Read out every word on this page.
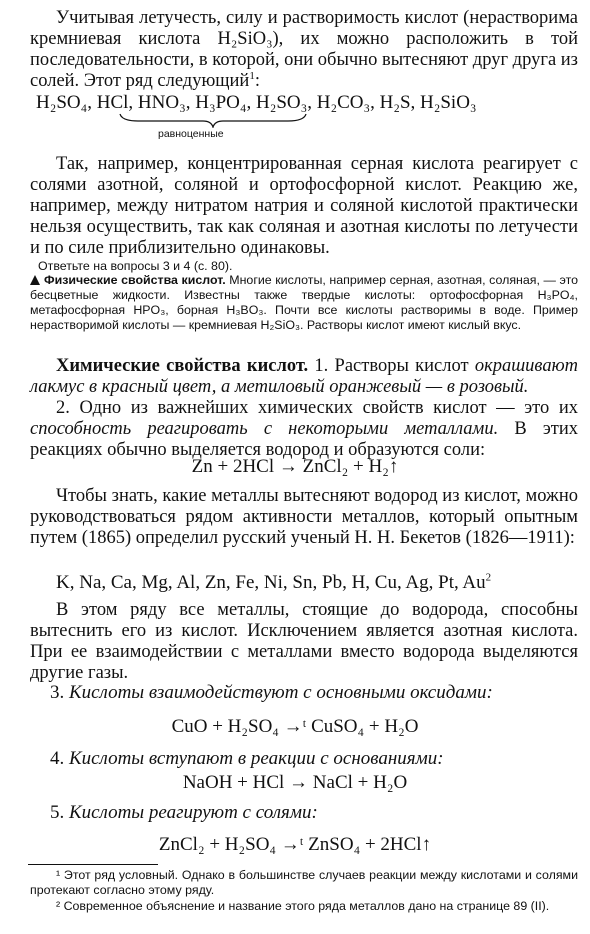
Учитывая летучесть, силу и растворимость кислот (нерастворима кремниевая кислота H₂SiO₃), их можно расположить в той последовательности, в которой, они обычно вытесняют друг друга из солей. Этот ряд следующий$^1$:

H₂SO₄, HCl, HNO₃, H₃PO₄, H₂SO₃, H₂CO₃, H₂S, H₂SiO₃
равноценные

Так, например, концентрированная серная кислота реагирует с солями азотной, соляной и ортофосфорной кислот. Реакцию же, например, между нитратом натрия и соляной кислотой практически нельзя осуществить, так как соляная и азотная кислоты по летучести и по силе приблизительно одинаковы.

Ответьте на вопросы 3 и 4 (с. 80).

Физические свойства кислот. Многие кислоты, например серная, азотная, соляная, — это бесцветные жидкости. Известны также твердые кислоты: ортофосфорная H₃PO₄, метафосфорная HPO₃, борная H₃BO₃. Почти все кислоты растворимы в воде. Пример нерастворимой кислоты — кремниевая H₂SiO₃. Растворы кислот имеют кислый вкус.

Химические свойства кислот. 1. Растворы кислот окрашивают лакмус в красный цвет, а метиловый оранжевый — в розовый.

2. Одно из важнейших химических свойств кислот — это их способность реагировать с некоторыми металлами. В этих реакциях обычно выделяется водород и образуются соли:

Zn + 2HCl → ZnCl₂ + H₂↑

Чтобы знать, какие металлы вытесняют водород из кислот, можно руководствоваться рядом активности металлов, который опытным путем (1865) определил русский ученый Н. Н. Бекетов (1826—1911):

K, Na, Ca, Mg, Al, Zn, Fe, Ni, Sn, Pb, H, Cu, Ag, Pt, Au$^2$

В этом ряду все металлы, стоящие до водорода, способны вытеснить его из кислот. Исключением является азотная кислота. При ее взаимодействии с металлами вместо водорода выделяются другие газы.

3. Кислоты взаимодействуют с основными оксидами:
CuO + H₂SO₄ →ᵗ CuSO₄ + H₂O
4. Кислоты вступают в реакции с основаниями:
NaOH + HCl → NaCl + H₂O
5. Кислоты реагируют с солями:
ZnCl₂ + H₂SO₄ →ᵗ ZnSO₄ + 2HCl↑
¹ Этот ряд условный. Однако в большинстве случаев реакции между кислотами и солями протекают согласно этому ряду.
² Современное объяснение и название этого ряда металлов дано на странице 89 (II).
